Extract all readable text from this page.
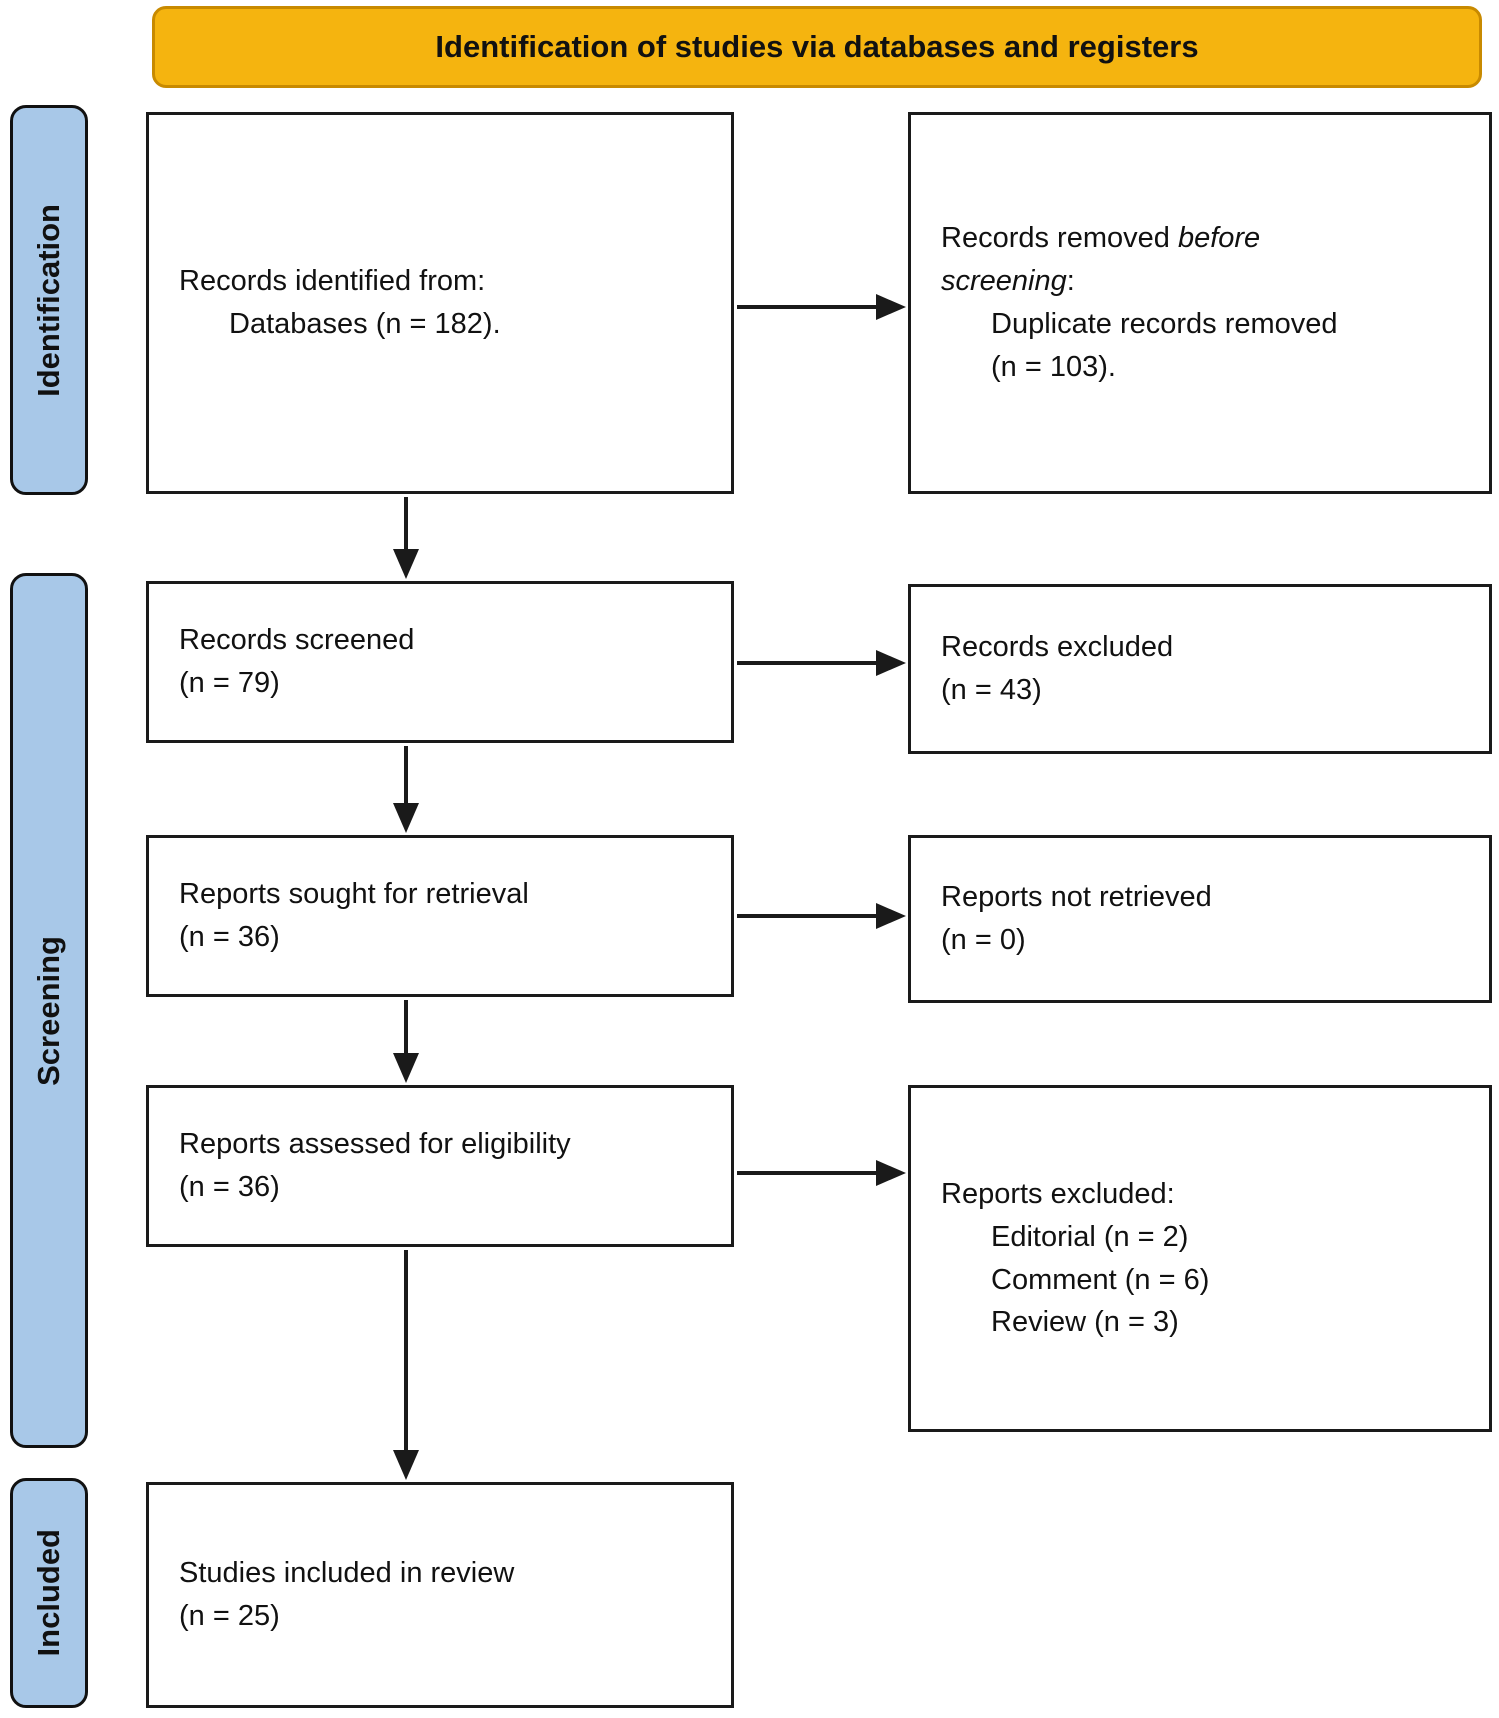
Identification of studies via databases and registers
Identification
Screening
Included
Records identified from:
Databases (n = 182).
Records removed before
screening:
Duplicate records removed
(n = 103).
Records screened
(n = 79)
Records excluded
(n = 43)
Reports sought for retrieval
(n = 36)
Reports not retrieved
(n = 0)
Reports assessed for eligibility
(n = 36)	Reports excluded:
Editorial (n = 2)
Comment (n = 6)
Review (n = 3)
Studies included in review
(n = 25)
